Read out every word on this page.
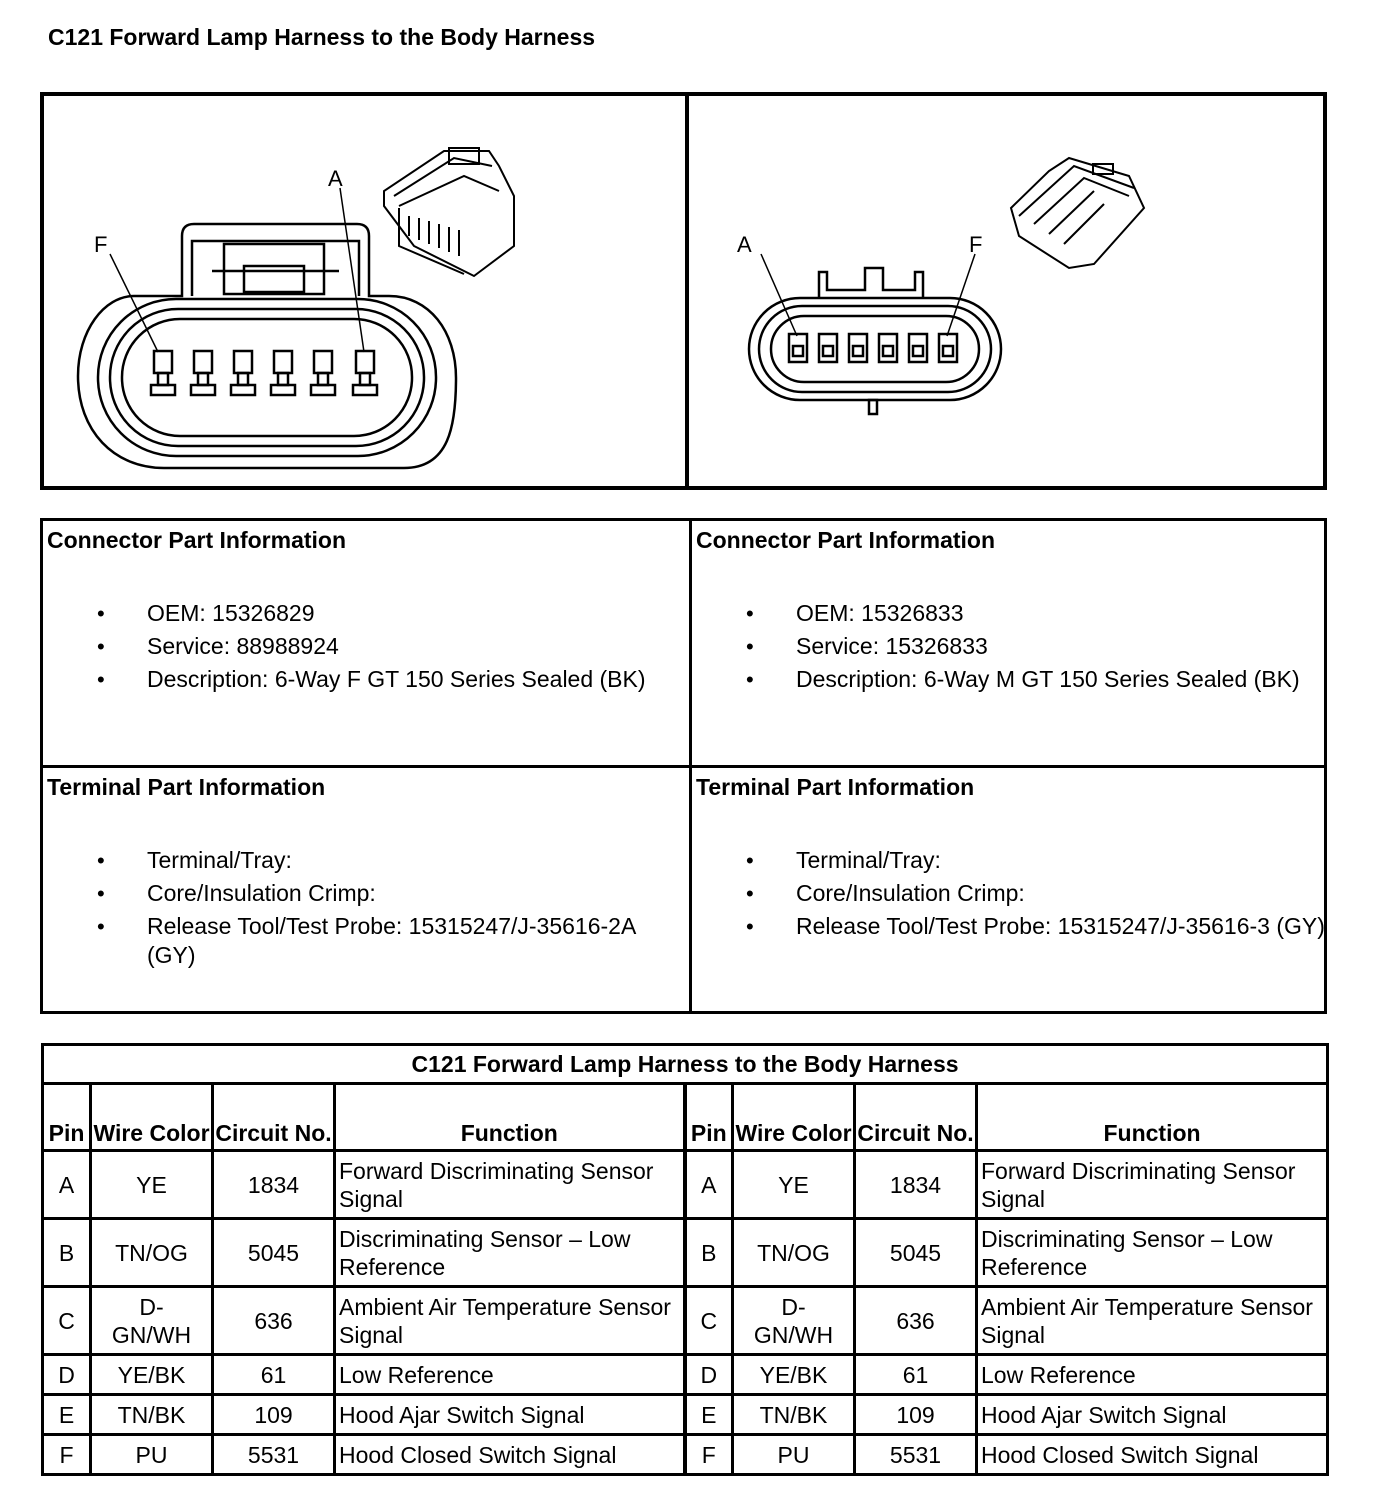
C121 Forward Lamp Harness to the Body Harness
F
A
A	F
Connector Part Information
• OEM: 15326829
• Service: 88988924
• Description: 6-Way F GT 150 Series Sealed (BK)
Connector Part Information
• OEM: 15326833
• Service: 15326833
• Description: 6-Way M GT 150 Series Sealed (BK)
Terminal Part Information
• Terminal/Tray:
• Core/Insulation Crimp:
• Release Tool/Test Probe: 15315247/J-35616-2A (GY)
Terminal Part Information
• Terminal/Tray:
• Core/Insulation Crimp:
• Release Tool/Test Probe: 15315247/J-35616-3 (GY)
C121 Forward Lamp Harness to the Body Harness							
Pin	Wire Color	Circuit No.	Function	Pin	Wire Color	Circuit No.	Function
A	YE	1834	Forward Discriminating Sensor Signal	A	YE	1834	Forward Discriminating Sensor Signal
B	TN/OG	5045	Discriminating Sensor – Low Reference	B	TN/OG	5045	Discriminating Sensor – Low Reference
C	D-GN/WH	636	Ambient Air Temperature Sensor Signal	C	D-GN/WH	636	Ambient Air Temperature Sensor Signal
D	YE/BK	61	Low Reference	D	YE/BK	61	Low Reference
E	TN/BK	109	Hood Ajar Switch Signal	E	TN/BK	109	Hood Ajar Switch Signal
F	PU	5531	Hood Closed Switch Signal	F	PU	5531	Hood Closed Switch Signal
